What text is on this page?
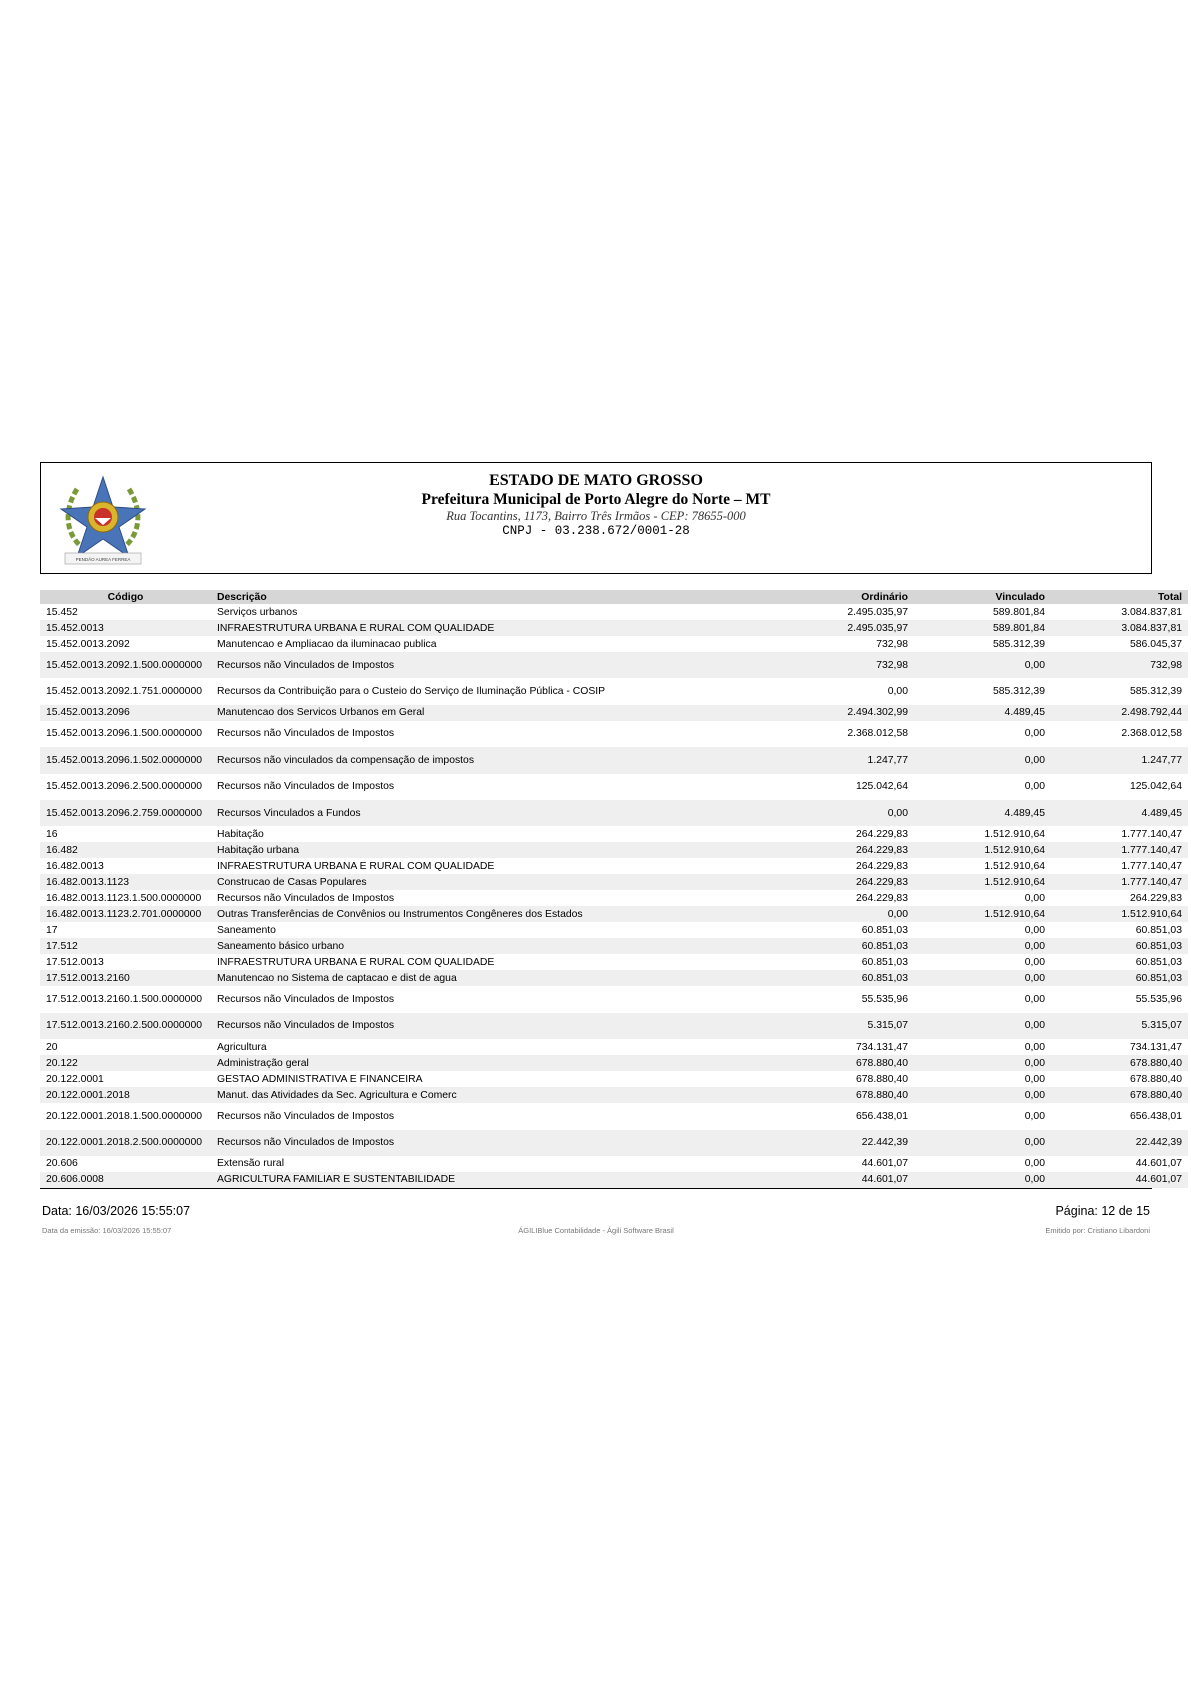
PENDÃO AUREA FERREA
ESTADO DE MATO GROSSO
Prefeitura Municipal de Porto Alegre do Norte – MT
Rua Tocantins, 1173, Bairro Três Irmãos - CEP: 78655-000
CNPJ - 03.238.672/0001-28
Código	Descrição	Ordinário	Vinculado	Total
15.452	Serviços urbanos	2.495.035,97	589.801,84	3.084.837,81
15.452.0013	INFRAESTRUTURA URBANA E RURAL COM QUALIDADE	2.495.035,97	589.801,84	3.084.837,81
15.452.0013.2092	Manutencao e Ampliacao da iluminacao publica	732,98	585.312,39	586.045,37
15.452.0013.2092.1.500.0000000	Recursos não Vinculados de Impostos	732,98	0,00	732,98
15.452.0013.2092.1.751.0000000	Recursos da Contribuição para o Custeio do Serviço de Iluminação Pública - COSIP	0,00	585.312,39	585.312,39
15.452.0013.2096	Manutencao dos Servicos Urbanos em Geral	2.494.302,99	4.489,45	2.498.792,44
15.452.0013.2096.1.500.0000000	Recursos não Vinculados de Impostos	2.368.012,58	0,00	2.368.012,58
15.452.0013.2096.1.502.0000000	Recursos não vinculados da compensação de impostos	1.247,77	0,00	1.247,77
15.452.0013.2096.2.500.0000000	Recursos não Vinculados de Impostos	125.042,64	0,00	125.042,64
15.452.0013.2096.2.759.0000000	Recursos Vinculados a Fundos	0,00	4.489,45	4.489,45
16	Habitação	264.229,83	1.512.910,64	1.777.140,47
16.482	Habitação urbana	264.229,83	1.512.910,64	1.777.140,47
16.482.0013	INFRAESTRUTURA URBANA E RURAL COM QUALIDADE	264.229,83	1.512.910,64	1.777.140,47
16.482.0013.1123	Construcao de Casas Populares	264.229,83	1.512.910,64	1.777.140,47
16.482.0013.1123.1.500.0000000	Recursos não Vinculados de Impostos	264.229,83	0,00	264.229,83
16.482.0013.1123.2.701.0000000	Outras Transferências de Convênios ou Instrumentos Congêneres dos Estados	0,00	1.512.910,64	1.512.910,64
17	Saneamento	60.851,03	0,00	60.851,03
17.512	Saneamento básico urbano	60.851,03	0,00	60.851,03
17.512.0013	INFRAESTRUTURA URBANA E RURAL COM QUALIDADE	60.851,03	0,00	60.851,03
17.512.0013.2160	Manutencao no Sistema de captacao e dist de agua	60.851,03	0,00	60.851,03
17.512.0013.2160.1.500.0000000	Recursos não Vinculados de Impostos	55.535,96	0,00	55.535,96
17.512.0013.2160.2.500.0000000	Recursos não Vinculados de Impostos	5.315,07	0,00	5.315,07
20	Agricultura	734.131,47	0,00	734.131,47
20.122	Administração geral	678.880,40	0,00	678.880,40
20.122.0001	GESTAO ADMINISTRATIVA E FINANCEIRA	678.880,40	0,00	678.880,40
20.122.0001.2018	Manut. das Atividades da Sec. Agricultura e Comerc	678.880,40	0,00	678.880,40
20.122.0001.2018.1.500.0000000	Recursos não Vinculados de Impostos	656.438,01	0,00	656.438,01
20.122.0001.2018.2.500.0000000	Recursos não Vinculados de Impostos	22.442,39	0,00	22.442,39
20.606	Extensão rural	44.601,07	0,00	44.601,07
20.606.0008	AGRICULTURA FAMILIAR E SUSTENTABILIDADE	44.601,07	0,00	44.601,07
Data: 16/03/2026 15:55:07	Página: 12 de 15
Data da emissão: 16/03/2026 15:55:07	ÁGILIBlue Contabilidade - Ágili Software Brasil	Emitido por: Cristiano Libardoni
